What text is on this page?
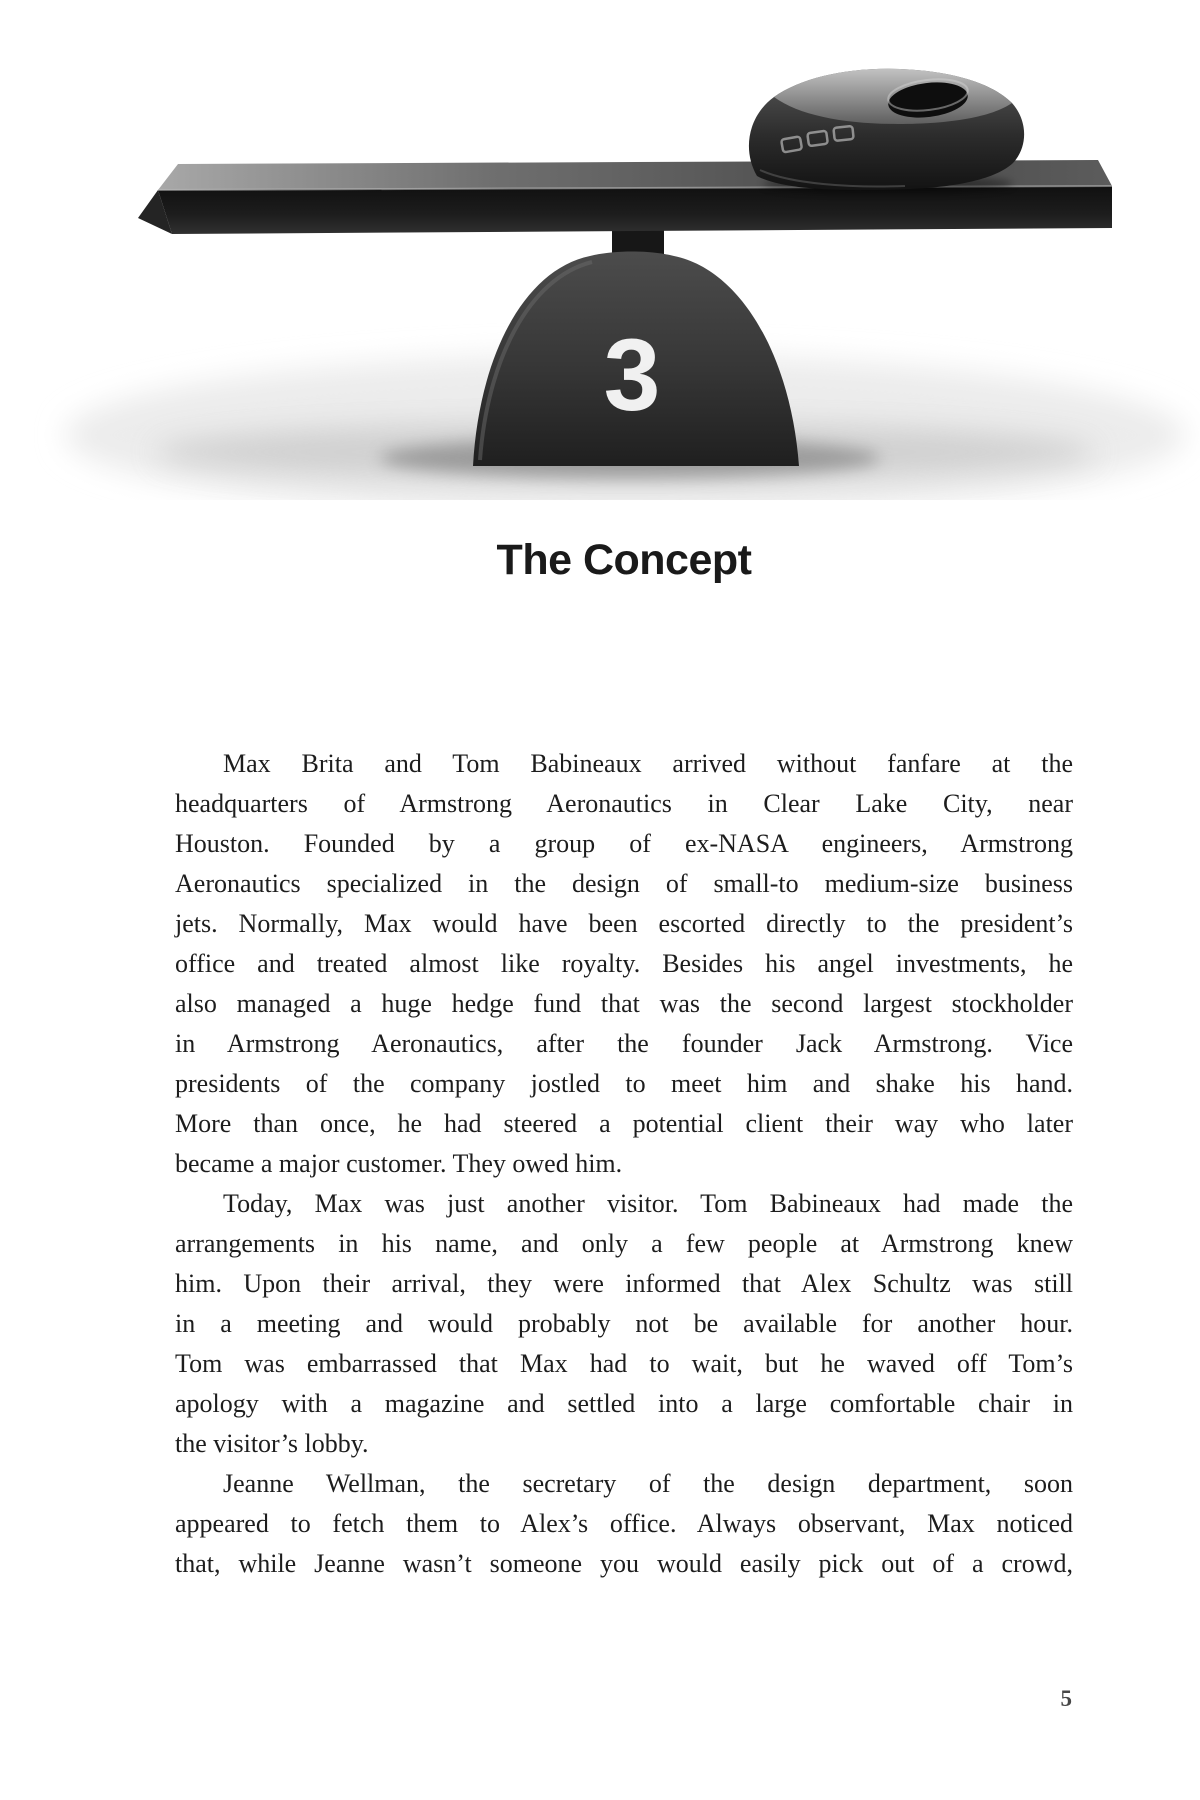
3
The Concept
Max Brita and Tom Babineaux arrived without fanfare at the
headquarters of Armstrong Aeronautics in Clear Lake City, near
Houston. Founded by a group of ex-NASA engineers, Armstrong
Aeronautics specialized in the design of small-to medium-size business
jets. Normally, Max would have been escorted directly to the president’s
office and treated almost like royalty. Besides his angel investments, he
also managed a huge hedge fund that was the second largest stockholder
in Armstrong Aeronautics, after the founder Jack Armstrong. Vice
presidents of the company jostled to meet him and shake his hand.
More than once, he had steered a potential client their way who later
became a major customer. They owed him.
Today, Max was just another visitor. Tom Babineaux had made the
arrangements in his name, and only a few people at Armstrong knew
him. Upon their arrival, they were informed that Alex Schultz was still
in a meeting and would probably not be available for another hour.
Tom was embarrassed that Max had to wait, but he waved off Tom’s
apology with a magazine and settled into a large comfortable chair in
the visitor’s lobby.
Jeanne Wellman, the secretary of the design department, soon
appeared to fetch them to Alex’s office. Always observant, Max noticed
that, while Jeanne wasn’t someone you would easily pick out of a crowd,
5
